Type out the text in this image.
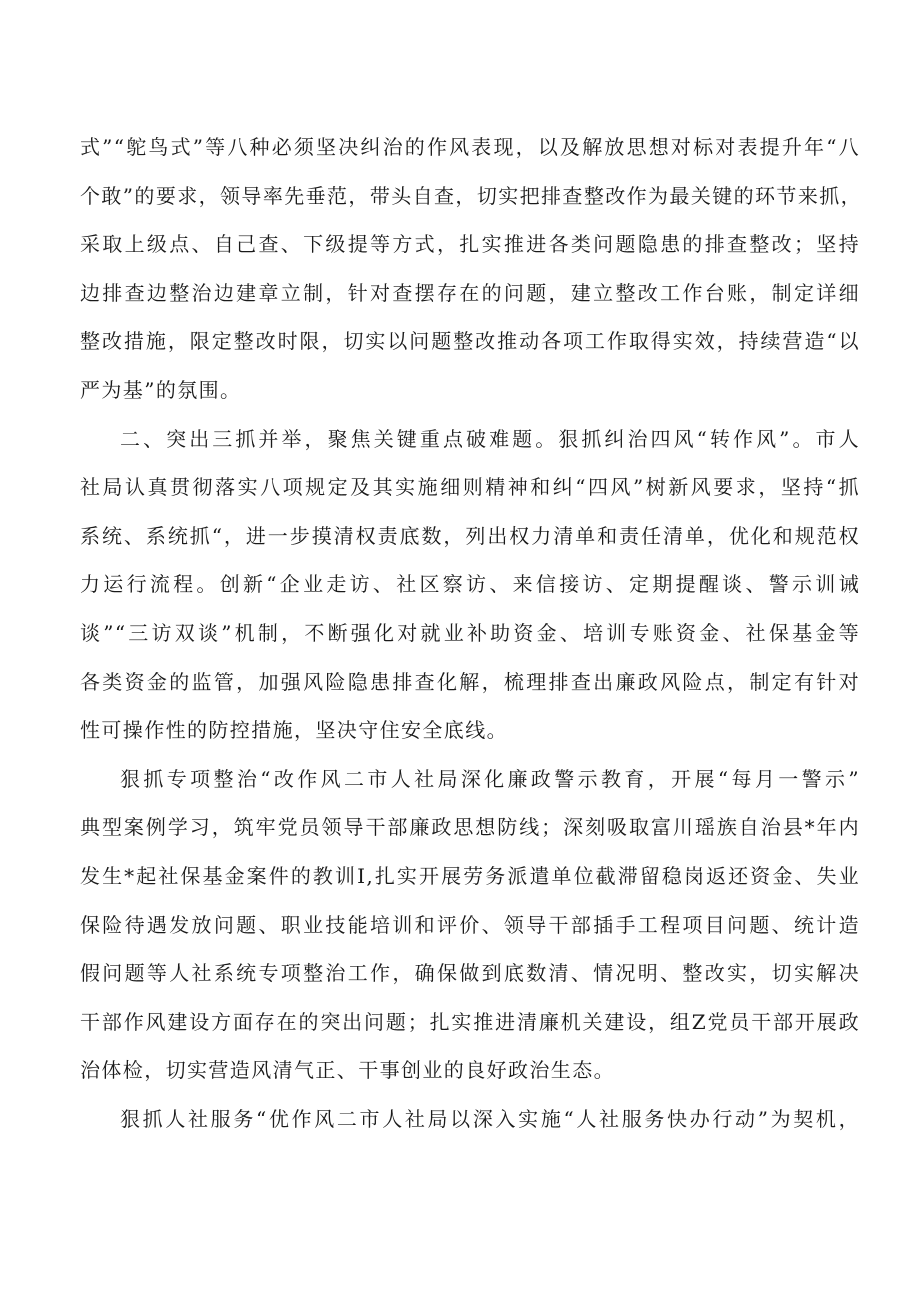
式”“鸵鸟式”等八种必须坚决纠治的作风表现，以及解放思想对标对表提升年“八
个敢”的要求，领导率先垂范，带头自查，切实把排查整改作为最关键的环节来抓，
采取上级点、自己查、下级提等方式，扎实推进各类问题隐患的排查整改；坚持
边排查边整治边建章立制，针对查摆存在的问题，建立整改工作台账，制定详细
整改措施，限定整改时限，切实以问题整改推动各项工作取得实效，持续营造“以
严为基”的氛围。
二、突出三抓并举，聚焦关键重点破难题。狠抓纠治四风“转作风”。市人
社局认真贯彻落实八项规定及其实施细则精神和纠“四风”树新风要求，坚持“抓
系统、系统抓“，进一步摸清权责底数，列出权力清单和责任清单，优化和规范权
力运行流程。创新“企业走访、社区察访、来信接访、定期提醒谈、警示训诫
谈”“三访双谈”机制，不断强化对就业补助资金、培训专账资金、社保基金等
各类资金的监管，加强风险隐患排查化解，梳理排查出廉政风险点，制定有针对
性可操作性的防控措施，坚决守住安全底线。
狠抓专项整治“改作风二市人社局深化廉政警示教育，开展“每月一警示”
典型案例学习，筑牢党员领导干部廉政思想防线；深刻吸取富川瑶族自治县*年内
发生*起社保基金案件的教训I,扎实开展劳务派遣单位截滞留稳岗返还资金、失业
保险待遇发放问题、职业技能培训和评价、领导干部插手工程项目问题、统计造
假问题等人社系统专项整治工作，确保做到底数清、情况明、整改实，切实解决
干部作风建设方面存在的突出问题；扎实推进清廉机关建设，组Z党员干部开展政
治体检，切实营造风清气正、干事创业的良好政治生态。
狠抓人社服务“优作风二市人社局以深入实施“人社服务快办行动”为契机，
